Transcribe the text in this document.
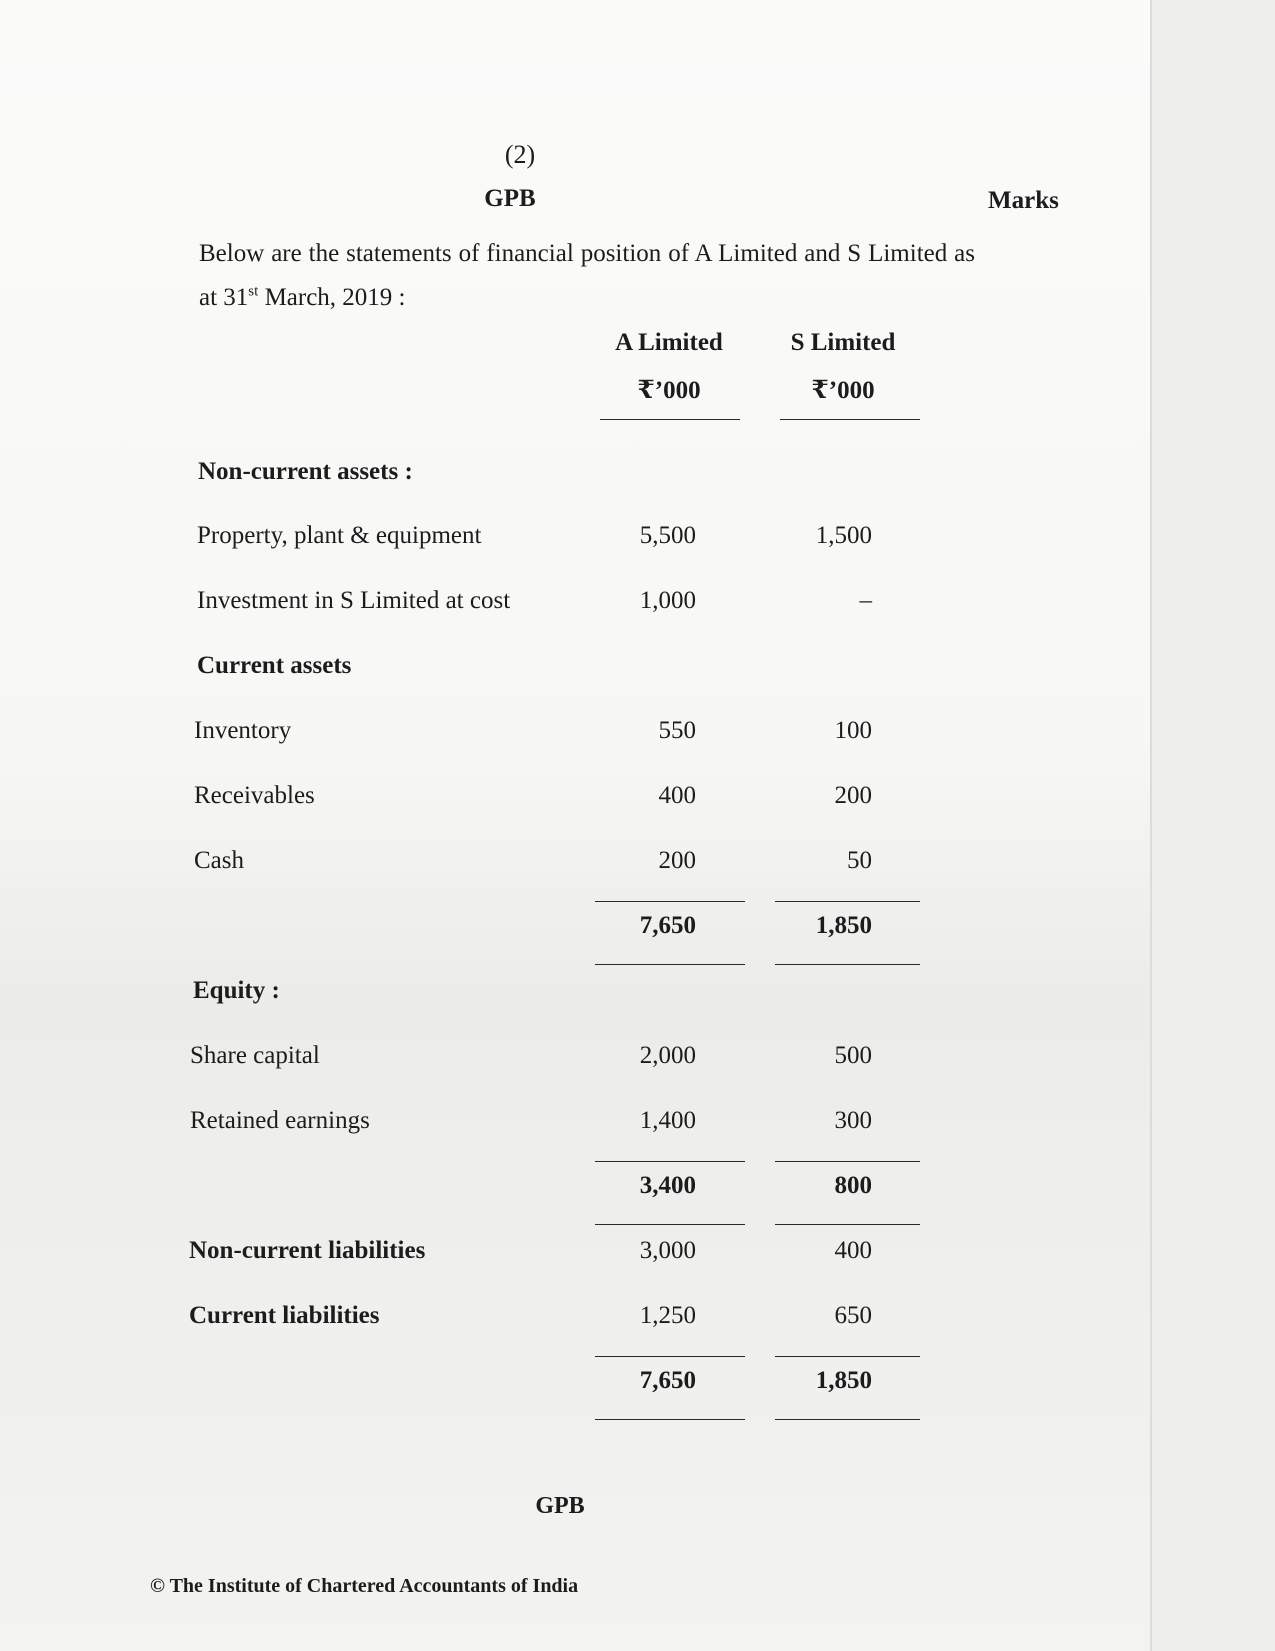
(2)
GPB	Marks
Below are the statements of financial position of A Limited and S Limited as at 31st March, 2019 :
A Limited	S Limited
₹’000	₹’000
Non-current assets :
Property, plant & equipment	5,500	1,500
Investment in S Limited at cost	1,000	–
Current assets
Inventory	550	100
Receivables	400	200
Cash	200	50
7,650	1,850
Equity :
Share capital	2,000	500
Retained earnings	1,400	300
3,400	800
Non-current liabilities	3,000	400
Current liabilities	1,250	650
7,650	1,850
GPB
© The Institute of Chartered Accountants of India
